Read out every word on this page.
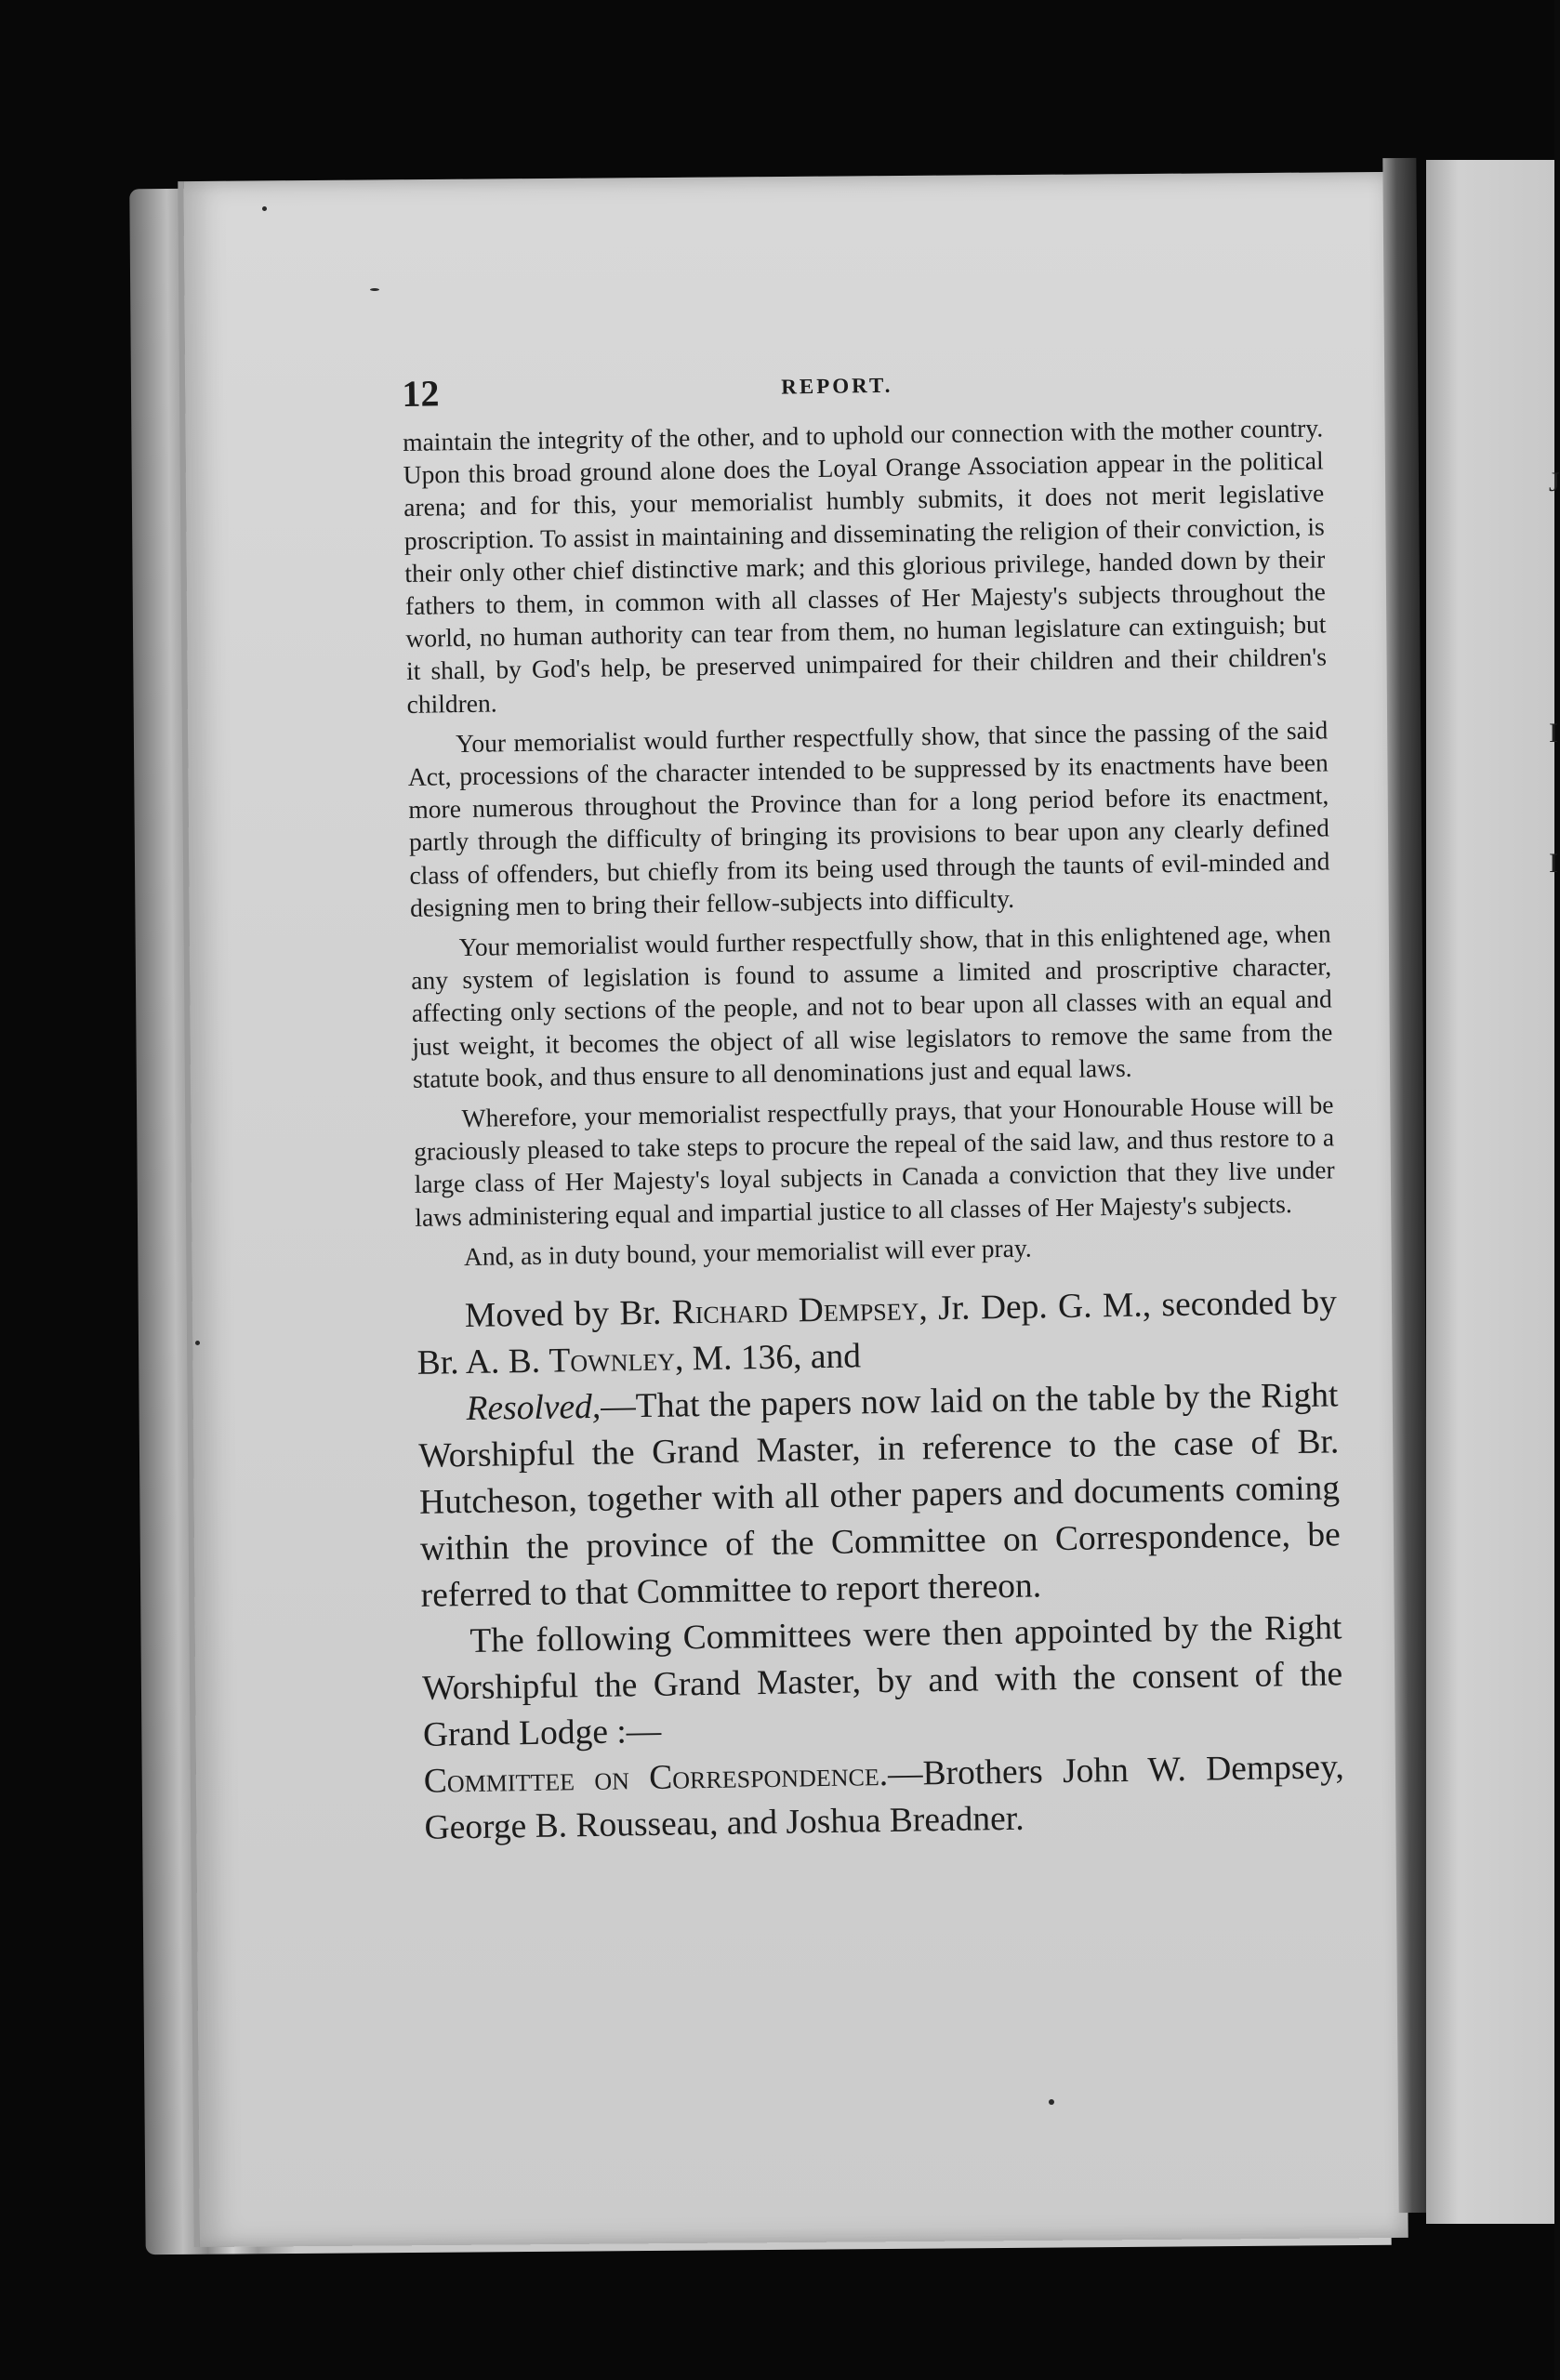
J
I
I
12	REPORT.

maintain the integrity of the other, and to uphold our connection with the mother country. Upon this broad ground alone does the Loyal Orange Association appear in the political arena; and for this, your memorialist humbly submits, it does not merit legislative proscription. To assist in maintaining and disseminating the religion of their conviction, is their only other chief distinctive mark; and this glorious privilege, handed down by their fathers to them, in common with all classes of Her Majesty's subjects throughout the world, no human authority can tear from them, no human legislature can extinguish; but it shall, by God's help, be preserved unimpaired for their children and their children's children.

Your memorialist would further respectfully show, that since the passing of the said Act, processions of the character intended to be suppressed by its enactments have been more numerous throughout the Province than for a long period before its enactment, partly through the difficulty of bringing its provisions to bear upon any clearly defined class of offenders, but chiefly from its being used through the taunts of evil-minded and designing men to bring their fellow-subjects into difficulty.

Your memorialist would further respectfully show, that in this enlightened age, when any system of legislation is found to assume a limited and proscriptive character, affecting only sections of the people, and not to bear upon all classes with an equal and just weight, it becomes the object of all wise legislators to remove the same from the statute book, and thus ensure to all denominations just and equal laws.

Wherefore, your memorialist respectfully prays, that your Honourable House will be graciously pleased to take steps to procure the repeal of the said law, and thus restore to a large class of Her Majesty's loyal subjects in Canada a conviction that they live under laws administering equal and impartial justice to all classes of Her Majesty's subjects.

And, as in duty bound, your memorialist will ever pray.

Moved by Br. Richard Dempsey, Jr. Dep. G. M., seconded by Br. A. B. Townley, M. 136, and

Resolved,—That the papers now laid on the table by the Right Worshipful the Grand Master, in reference to the case of Br. Hutcheson, together with all other papers and documents coming within the province of the Committee on Correspondence, be referred to that Committee to report thereon.

The following Committees were then appointed by the Right Worshipful the Grand Master, by and with the consent of the Grand Lodge :—

Committee on Correspondence.—Brothers John W. Dempsey, George B. Rousseau, and Joshua Breadner.
